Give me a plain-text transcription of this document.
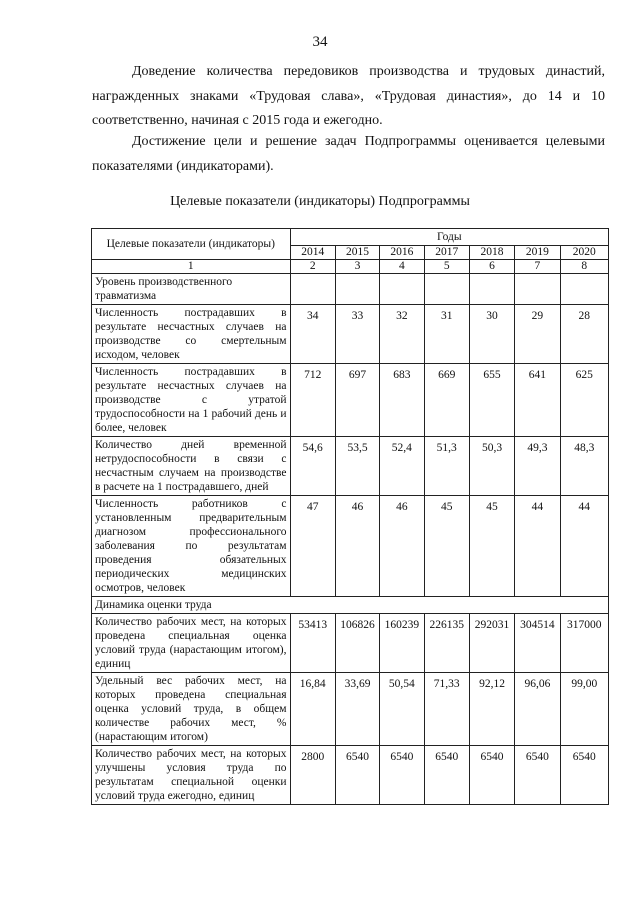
34

Доведение количества передовиков производства и трудовых династий, награжденных знаками «Трудовая слава», «Трудовая династия», до 14 и 10 соответственно, начиная с 2015 года и ежегодно.

Достижение цели и решение задач Подпрограммы оценивается целевыми показателями (индикаторами).

Целевые показатели (индикаторы) Подпрограммы
Целевые показатели (индикаторы)	Годы						
	2014	2015	2016	2017	2018	2019	2020
1	2	3	4	5	6	7	8
Уровень производственного травматизма							
Численность пострадавших в результате несчастных случаев на производстве со смертельным исходом, человек	34	33	32	31	30	29	28
Численность пострадавших в результате несчастных случаев на производстве с утратой трудоспособности на 1 рабочий день и более, человек	712	697	683	669	655	641	625
Количество дней временной нетрудоспособности в связи с несчастным случаем на производстве в расчете на 1 пострадавшего, дней	54,6	53,5	52,4	51,3	50,3	49,3	48,3
Численность работников с установленным предварительным диагнозом профессионального заболевания по результатам проведения обязательных периодических медицинских осмотров, человек	47	46	46	45	45	44	44
Динамика оценки труда							
Количество рабочих мест, на которых проведена специальная оценка условий труда (нарастающим итогом), единиц	53413	106826	160239	226135	292031	304514	317000
Удельный вес рабочих мест, на которых проведена специальная оценка условий труда, в общем количестве рабочих мест, % (нарастающим итогом)	16,84	33,69	50,54	71,33	92,12	96,06	99,00
Количество рабочих мест, на которых улучшены условия труда по результатам специальной оценки условий труда ежегодно, единиц	2800	6540	6540	6540	6540	6540	6540
